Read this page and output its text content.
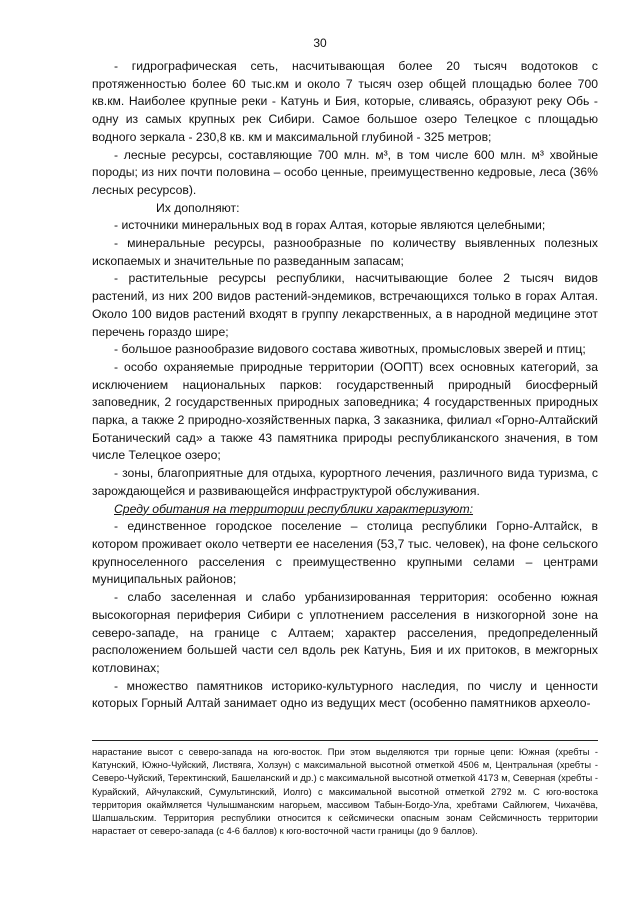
30

- гидрографическая сеть, насчитывающая более 20 тысяч водотоков с протяженностью более 60 тыс.км и около 7 тысяч озер общей площадью более 700 кв.км. Наиболее крупные реки - Катунь и Бия, которые, сливаясь, образуют реку Обь - одну из самых крупных рек Сибири. Самое большое озеро Телецкое с площадью водного зеркала - 230,8 кв. км и максимальной глубиной - 325 метров;

- лесные ресурсы, составляющие 700 млн. м³, в том числе 600 млн. м³ хвойные породы; из них почти половина – особо ценные, преимущественно кедровые, леса (36% лесных ресурсов).

Их дополняют:

- источники минеральных вод в горах Алтая, которые являются целебными;

- минеральные ресурсы, разнообразные по количеству выявленных полезных ископаемых и значительные по разведанным запасам;

- растительные ресурсы республики, насчитывающие более 2 тысяч видов растений, из них 200 видов растений-эндемиков, встречающихся только в горах Алтая. Около 100 видов растений входят в группу лекарственных, а в народной медицине этот перечень гораздо шире;

- большое разнообразие видового состава животных, промысловых зверей и птиц;

- особо охраняемые природные территории (ООПТ) всех основных категорий, за исключением национальных парков: государственный природный биосферный заповедник, 2 государственных природных заповедника; 4 государственных природных парка, а также 2 природно-хозяйственных парка, 3 заказника, филиал «Горно-Алтайский Ботанический сад» а также 43 памятника природы республиканского значения, в том числе Телецкое озеро;

- зоны, благоприятные для отдыха, курортного лечения, различного вида туризма, с зарождающейся и развивающейся инфраструктурой обслуживания.

Среду обитания на территории республики характеризуют:

- единственное городское поселение – столица республики Горно-Алтайск, в котором проживает около четверти ее населения (53,7 тыс. человек), на фоне сельского крупноселенного расселения с преимущественно крупными селами – центрами муниципальных районов;

- слабо заселенная и слабо урбанизированная территория: особенно южная высокогорная периферия Сибири с уплотнением расселения в низкогорной зоне на северо-западе, на границе с Алтаем; характер расселения, предопределенный расположением большей части сел вдоль рек Катунь, Бия и их притоков, в межгорных котловинах;

- множество памятников историко-культурного наследия, по числу и ценности которых Горный Алтай занимает одно из ведущих мест (особенно памятников археоло-

нарастание высот с северо-запада на юго-восток. При этом выделяются три горные цепи: Южная (хребты - Катунский, Южно-Чуйский, Листвяга, Холзун) с максимальной высотной отметкой 4506 м, Центральная (хребты - Северо-Чуйский, Теректинский, Башеланский и др.) с максимальной высотной отметкой 4173 м, Северная (хребты - Курайский, Айчулакский, Сумультинский, Иолго) с максимальной высотной отметкой 2792 м. С юго-востока территория окаймляется Чулышманским нагорьем, массивом Табын-Богдо-Ула, хребтами Сайлюгем, Чихачёва, Шапшальским. Территория республики относится к сейсмически опасным зонам Сейсмичность территории нарастает от северо-запада (с 4-6 баллов) к юго-восточной части границы (до 9 баллов).
